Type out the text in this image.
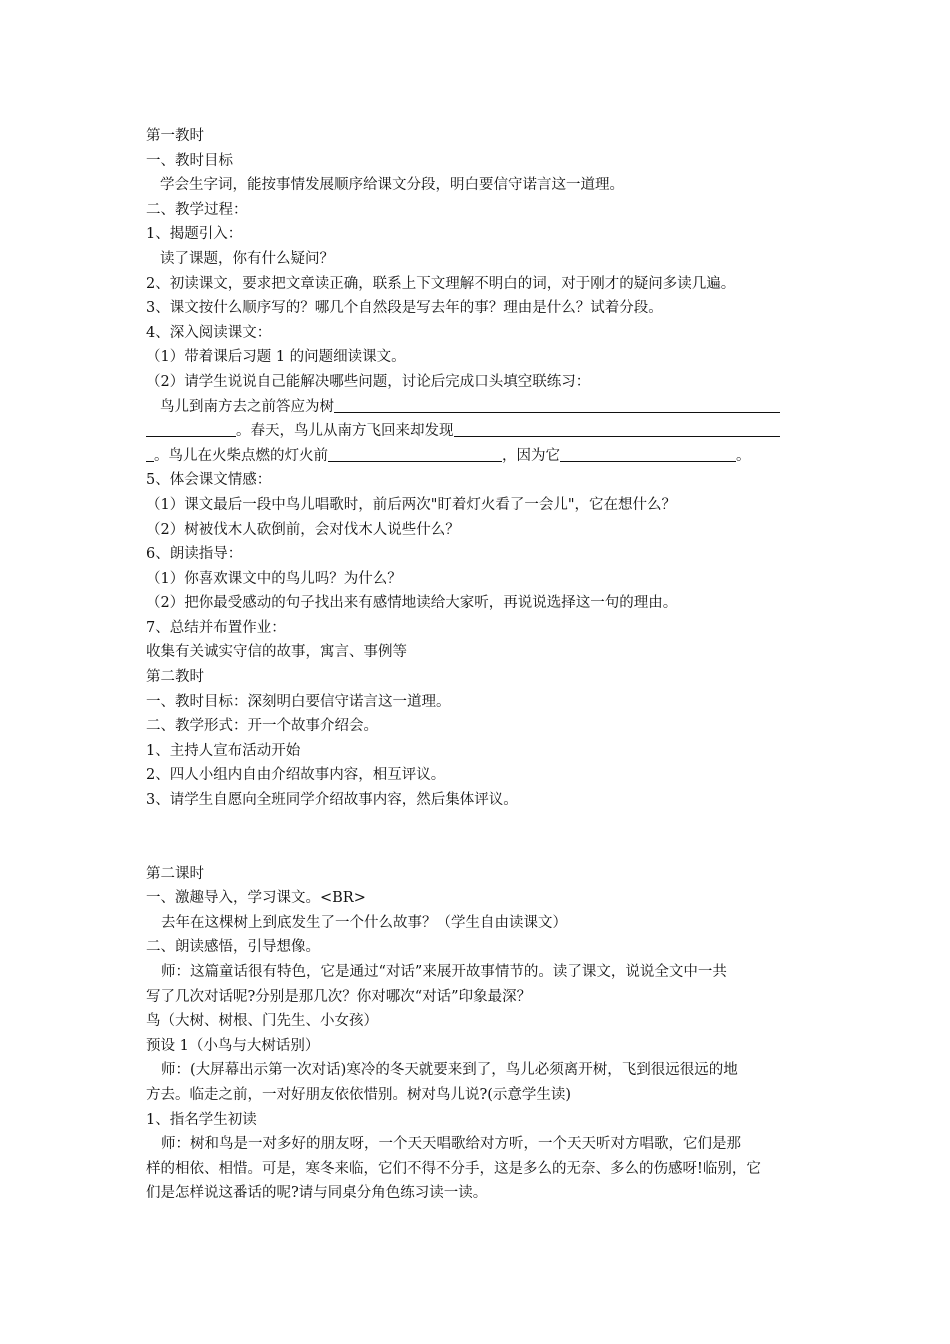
第一教时
一、教时目标
学会生字词，能按事情发展顺序给课文分段，明白要信守诺言这一道理。
二、教学过程：
1、揭题引入：
读了课题，你有什么疑问？
2、初读课文，要求把文章读正确，联系上下文理解不明白的词，对于刚才的疑问多读几遍。
3、课文按什么顺序写的？哪几个自然段是写去年的事？理由是什么？试着分段。
4、深入阅读课文：
（1）带着课后习题 1 的问题细读课文。
（2）请学生说说自己能解决哪些问题，讨论后完成口头填空联练习：
鸟儿到南方去之前答应为树
。春天，鸟儿从南方飞回来却发现
。鸟儿在火柴点燃的灯火前	，因为它	。
5、体会课文情感：
（1）课文最后一段中鸟儿唱歌时，前后两次"盯着灯火看了一会儿"，它在想什么？
（2）树被伐木人砍倒前，会对伐木人说些什么？
6、朗读指导：
（1）你喜欢课文中的鸟儿吗？为什么？
（2）把你最受感动的句子找出来有感情地读给大家听，再说说选择这一句的理由。
7、总结并布置作业：
收集有关诚实守信的故事，寓言、事例等
第二教时
一、教时目标：深刻明白要信守诺言这一道理。
二、教学形式：开一个故事介绍会。
1、主持人宣布活动开始
2、四人小组内自由介绍故事内容，相互评议。
3、请学生自愿向全班同学介绍故事内容，然后集体评议。
第二课时
一、激趣导入，学习课文。<BR>
去年在这棵树上到底发生了一个什么故事？（学生自由读课文）
二、朗读感悟，引导想像。
师：这篇童话很有特色，它是通过“对话”来展开故事情节的。读了课文，说说全文中一共
写了几次对话呢?分别是那几次？你对哪次“对话”印象最深？
鸟（大树、树根、门先生、小女孩）
预设 1（小鸟与大树话别）
师：(大屏幕出示第一次对话)寒冷的冬天就要来到了，鸟儿必须离开树，飞到很远很远的地
方去。临走之前，一对好朋友依依惜别。树对鸟儿说?(示意学生读)
1、指名学生初读
师：树和鸟是一对多好的朋友呀，一个天天唱歌给对方听，一个天天听对方唱歌，它们是那
样的相依、相惜。可是，寒冬来临，它们不得不分手，这是多么的无奈、多么的伤感呀!临别，它
们是怎样说这番话的呢?请与同桌分角色练习读一读。
